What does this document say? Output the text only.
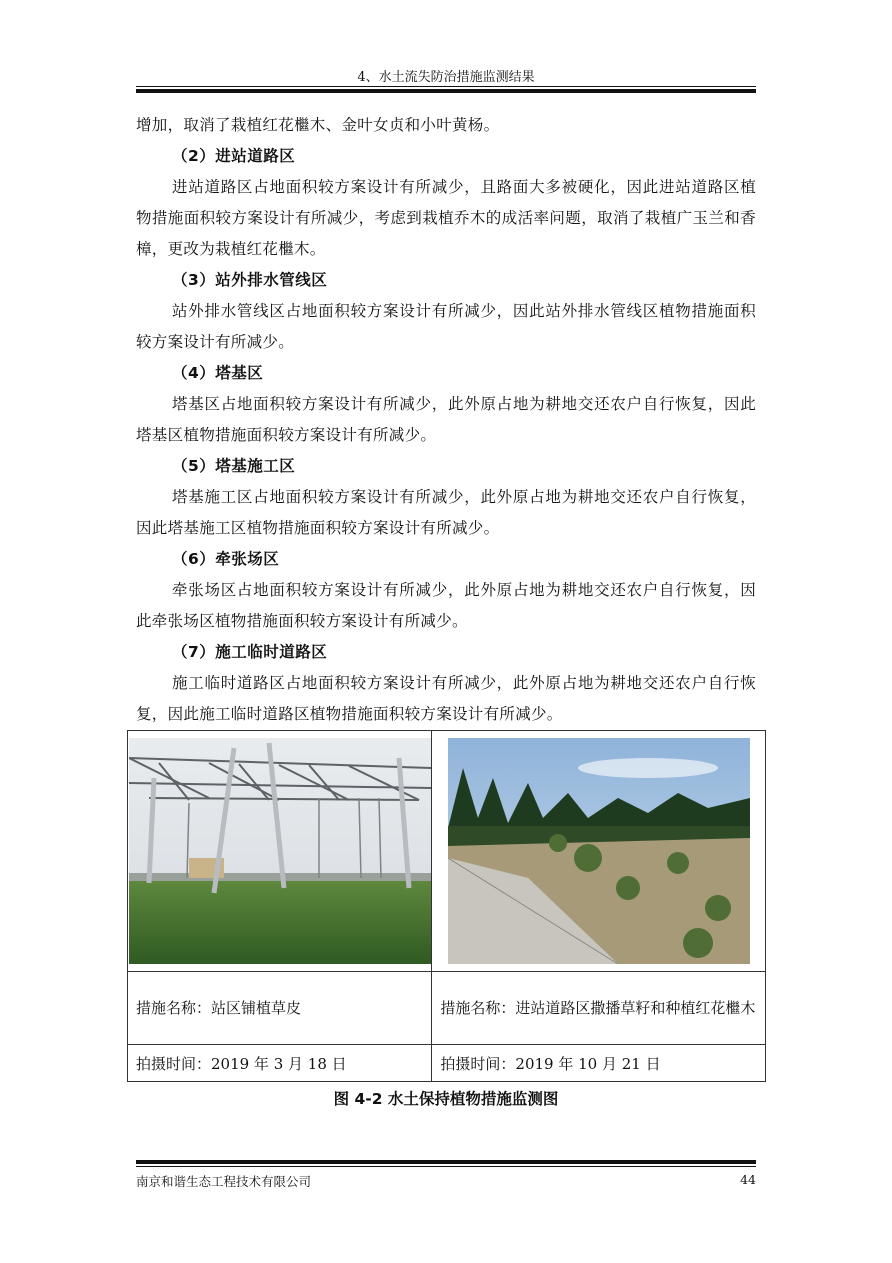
4、水土流失防治措施监测结果

增加，取消了栽植红花檵木、金叶女贞和小叶黄杨。

（2）进站道路区

进站道路区占地面积较方案设计有所减少，且路面大多被硬化，因此进站道路区植物措施面积较方案设计有所减少，考虑到栽植乔木的成活率问题，取消了栽植广玉兰和香樟，更改为栽植红花檵木。

（3）站外排水管线区

站外排水管线区占地面积较方案设计有所减少，因此站外排水管线区植物措施面积较方案设计有所减少。

（4）塔基区

塔基区占地面积较方案设计有所减少，此外原占地为耕地交还农户自行恢复，因此塔基区植物措施面积较方案设计有所减少。

（5）塔基施工区

塔基施工区占地面积较方案设计有所减少，此外原占地为耕地交还农户自行恢复，因此塔基施工区植物措施面积较方案设计有所减少。

（6）牵张场区

牵张场区占地面积较方案设计有所减少，此外原占地为耕地交还农户自行恢复，因此牵张场区植物措施面积较方案设计有所减少。

（7）施工临时道路区

施工临时道路区占地面积较方案设计有所减少，此外原占地为耕地交还农户自行恢复，因此施工临时道路区植物措施面积较方案设计有所减少。

措施名称：站区铺植草皮	措施名称：进站道路区撒播草籽和种植红花檵木
拍摄时间：2019 年 3 月 18 日	拍摄时间：2019 年 10 月 21 日
图 4-2 水土保持植物措施监测图
南京和谐生态工程技术有限公司	44
